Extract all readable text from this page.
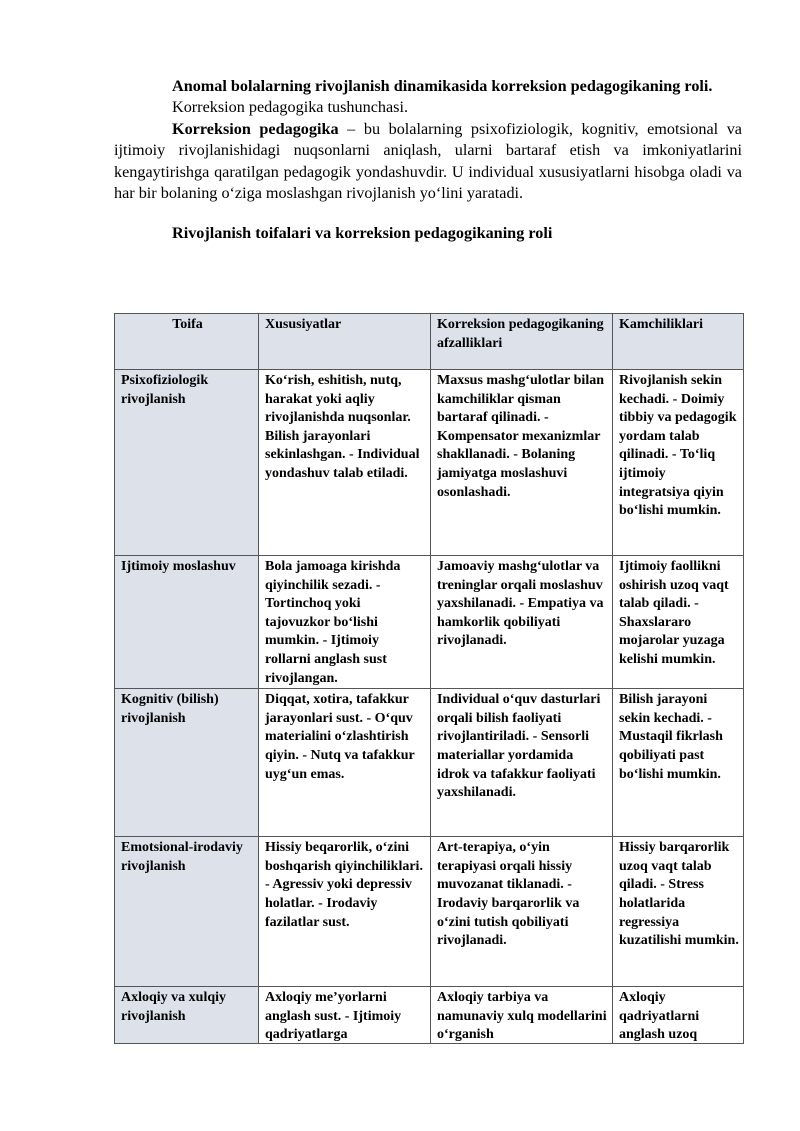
Anomal bolalarning rivojlanish dinamikasida korreksion pedagogikaning roli.

Korreksion pedagogika tushunchasi.

Korreksion pedagogika – bu bolalarning psixofiziologik, kognitiv, emotsional va ijtimoiy rivojlanishidagi nuqsonlarni aniqlash, ularni bartaraf etish va imkoniyatlarini kengaytirishga qaratilgan pedagogik yondashuvdir. U individual xususiyatlarni hisobga oladi va har bir bolaning o‘ziga moslashgan rivojlanish yo‘lini yaratadi.

Rivojlanish toifalari va korreksion pedagogikaning roli
Toifa	Xususiyatlar	Korreksion pedagogikaning afzalliklari	Kamchiliklari
Psixofiziologik rivojlanish	Ko‘rish, eshitish, nutq, harakat yoki aqliy rivojlanishda nuqsonlar. Bilish jarayonlari sekinlashgan. - Individual yondashuv talab etiladi.	Maxsus mashg‘ulotlar bilan kamchiliklar qisman bartaraf qilinadi. - Kompensator mexanizmlar shakllanadi. - Bolaning jamiyatga moslashuvi osonlashadi.	Rivojlanish sekin kechadi. - Doimiy tibbiy va pedagogik yordam talab qilinadi. - To‘liq ijtimoiy integratsiya qiyin bo‘lishi mumkin.
Ijtimoiy moslashuv	Bola jamoaga kirishda qiyinchilik sezadi. - Tortinchoq yoki tajovuzkor bo‘lishi mumkin. - Ijtimoiy rollarni anglash sust rivojlangan.	Jamoaviy mashg‘ulotlar va treninglar orqali moslashuv yaxshilanadi. - Empatiya va hamkorlik qobiliyati rivojlanadi.	Ijtimoiy faollikni oshirish uzoq vaqt talab qiladi. - Shaxslararo mojarolar yuzaga kelishi mumkin.
Kognitiv (bilish) rivojlanish	Diqqat, xotira, tafakkur jarayonlari sust. - O‘quv materialini o‘zlashtirish qiyin. - Nutq va tafakkur uyg‘un emas.	Individual o‘quv dasturlari orqali bilish faoliyati rivojlantiriladi. - Sensorli materiallar yordamida idrok va tafakkur faoliyati yaxshilanadi.	Bilish jarayoni sekin kechadi. - Mustaqil fikrlash qobiliyati past bo‘lishi mumkin.
Emotsional-irodaviy rivojlanish	Hissiy beqarorlik, o‘zini boshqarish qiyinchiliklari. - Agressiv yoki depressiv holatlar. - Irodaviy fazilatlar sust.	Art-terapiya, o‘yin terapiyasi orqali hissiy muvozanat tiklanadi. - Irodaviy barqarorlik va o‘zini tutish qobiliyati rivojlanadi.	Hissiy barqarorlik uzoq vaqt talab qiladi. - Stress holatlarida regressiya kuzatilishi mumkin.

Axloqiy va xulqiy rivojlanish	Axloqiy me’yorlarni anglash sust. - Ijtimoiy qadriyatlarga	Axloqiy tarbiya va namunaviy xulq modellarini o‘rganish	Axloqiy qadriyatlarni anglash uzoq
